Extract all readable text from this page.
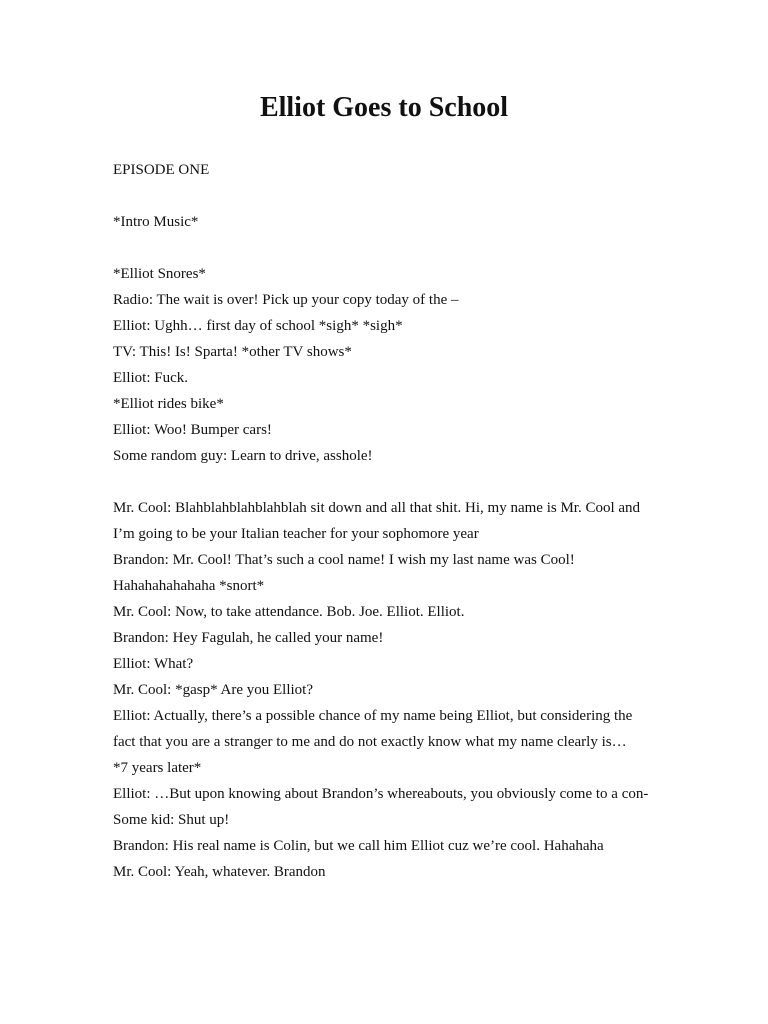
Elliot Goes to School
EPISODE ONE
*Intro Music*
*Elliot Snores*
Radio: The wait is over! Pick up your copy today of the –
Elliot: Ughh… first day of school *sigh* *sigh*
TV: This! Is! Sparta! *other TV shows*
Elliot: Fuck.
*Elliot rides bike*
Elliot: Woo! Bumper cars!
Some random guy: Learn to drive, asshole!
Mr. Cool: Blahblahblahblahblah sit down and all that shit. Hi, my name is Mr. Cool and
I’m going to be your Italian teacher for your sophomore year
Brandon: Mr. Cool! That’s such a cool name! I wish my last name was Cool!
Hahahahahahaha *snort*
Mr. Cool: Now, to take attendance. Bob. Joe. Elliot. Elliot.
Brandon: Hey Fagulah, he called your name!
Elliot: What?
Mr. Cool: *gasp* Are you Elliot?
Elliot: Actually, there’s a possible chance of my name being Elliot, but considering the
fact that you are a stranger to me and do not exactly know what my name clearly is…
*7 years later*
Elliot: …But upon knowing about Brandon’s whereabouts, you obviously come to a con-
Some kid: Shut up!
Brandon: His real name is Colin, but we call him Elliot cuz we’re cool. Hahahaha
Mr. Cool: Yeah, whatever. Brandon
